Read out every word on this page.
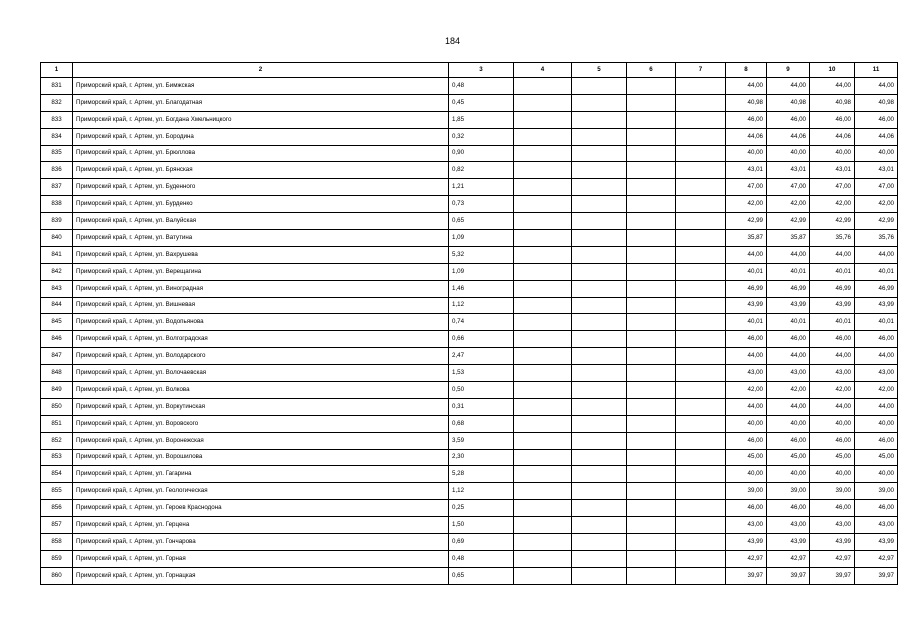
184
1	2	3	4	5	6	7	8	9	10	11
831	Приморский край, г. Артем, ул. Бимжская	0,48					44,00	44,00	44,00	44,00
832	Приморский край, г. Артем, ул. Благодатная	0,45					40,98	40,98	40,98	40,98
833	Приморский край, г. Артем, ул. Богдана Хмельницкого	1,85					46,00	46,00	46,00	46,00
834	Приморский край, г. Артем, ул. Бородина	0,32					44,06	44,06	44,06	44,06
835	Приморский край, г. Артем, ул. Брюллова	0,90					40,00	40,00	40,00	40,00
836	Приморский край, г. Артем, ул. Брянская	0,82					43,01	43,01	43,01	43,01
837	Приморский край, г. Артем, ул. Буденного	1,21					47,00	47,00	47,00	47,00
838	Приморский край, г. Артем, ул. Бурденко	0,73					42,00	42,00	42,00	42,00
839	Приморский край, г. Артем, ул. Валуйская	0,65					42,99	42,99	42,99	42,99
840	Приморский край, г. Артем, ул. Ватутина	1,09					35,87	35,87	35,76	35,76
841	Приморский край, г. Артем, ул. Вахрушева	5,32					44,00	44,00	44,00	44,00
842	Приморский край, г. Артем, ул. Верещагина	1,09					40,01	40,01	40,01	40,01
843	Приморский край, г. Артем, ул. Виноградная	1,46					46,99	46,99	46,99	46,99
844	Приморский край, г. Артем, ул. Вишневая	1,12					43,99	43,99	43,99	43,99
845	Приморский край, г. Артем, ул. Водопьянова	0,74					40,01	40,01	40,01	40,01
846	Приморский край, г. Артем, ул. Волгоградская	0,66					46,00	46,00	46,00	46,00
847	Приморский край, г. Артем, ул. Володарского	2,47					44,00	44,00	44,00	44,00
848	Приморский край, г. Артем, ул. Волочаевская	1,53					43,00	43,00	43,00	43,00
849	Приморский край, г. Артем, ул. Волкова	0,50					42,00	42,00	42,00	42,00
850	Приморский край, г. Артем, ул. Воркутинская	0,31					44,00	44,00	44,00	44,00
851	Приморский край, г. Артем, ул. Воровского	0,68					40,00	40,00	40,00	40,00
852	Приморский край, г. Артем, ул. Воронежская	3,59					46,00	46,00	46,00	46,00
853	Приморский край, г. Артем, ул. Ворошилова	2,30					45,00	45,00	45,00	45,00
854	Приморский край, г. Артем, ул. Гагарина	5,28					40,00	40,00	40,00	40,00
855	Приморский край, г. Артем, ул. Геологическая	1,12					39,00	39,00	39,00	39,00
856	Приморский край, г. Артем, ул. Героев Краснодона	0,25					46,00	46,00	46,00	46,00
857	Приморский край, г. Артем, ул. Герцена	1,50					43,00	43,00	43,00	43,00
858	Приморский край, г. Артем, ул. Гончарова	0,69					43,99	43,99	43,99	43,99
859	Приморский край, г. Артем, ул. Горная	0,48					42,97	42,97	42,97	42,97
860	Приморский край, г. Артем, ул. Горнацкая	0,65					39,97	39,97	39,97	39,97
